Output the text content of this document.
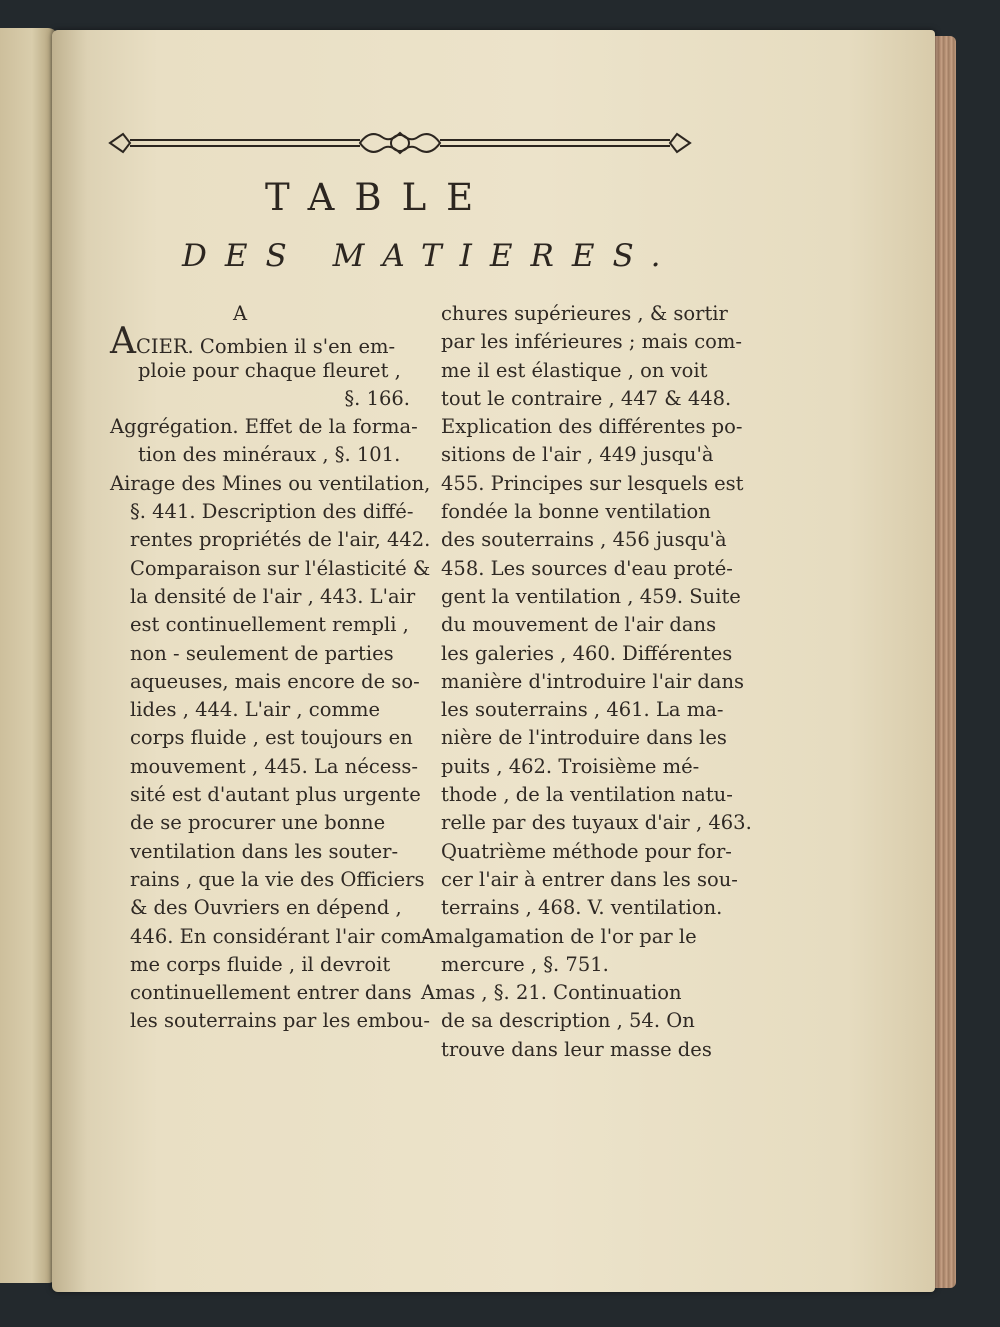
TABLE
DES MATIERES.
A
ACIER. Combien il s'en em-
ploie pour chaque fleuret ,
§. 166.
Aggrégation. Effet de la forma-
tion des minéraux , §. 101.
Airage des Mines ou ventilation,
§. 441. Description des diffé-
rentes propriétés de l'air, 442.
Comparaison sur l'élasticité &
la densité de l'air , 443. L'air
est continuellement rempli ,
non - seulement de parties
aqueuses, mais encore de so-
lides , 444. L'air , comme
corps fluide , est toujours en
mouvement , 445. La nécess-
sité est d'autant plus urgente
de se procurer une bonne
ventilation dans les souter-
rains , que la vie des Officiers
& des Ouvriers en dépend ,
446. En considérant l'air com-
me corps fluide , il devroit
continuellement entrer dans
les souterrains par les embou-
chures supérieures , & sortir
par les inférieures ; mais com-
me il est élastique , on voit
tout le contraire , 447 & 448.
Explication des différentes po-
sitions de l'air , 449 jusqu'à
455. Principes sur lesquels est
fondée la bonne ventilation
des souterrains , 456 jusqu'à
458. Les sources d'eau proté-
gent la ventilation , 459. Suite
du mouvement de l'air dans
les galeries , 460. Différentes
manière d'introduire l'air dans
les souterrains , 461. La ma-
nière de l'introduire dans les
puits , 462. Troisième mé-
thode , de la ventilation natu-
relle par des tuyaux d'air , 463.
Quatrième méthode pour for-
cer l'air à entrer dans les sou-
terrains , 468. V. ventilation.
Amalgamation de l'or par le
mercure , §. 751.
Amas , §. 21. Continuation
de sa description , 54. On
trouve dans leur masse des
